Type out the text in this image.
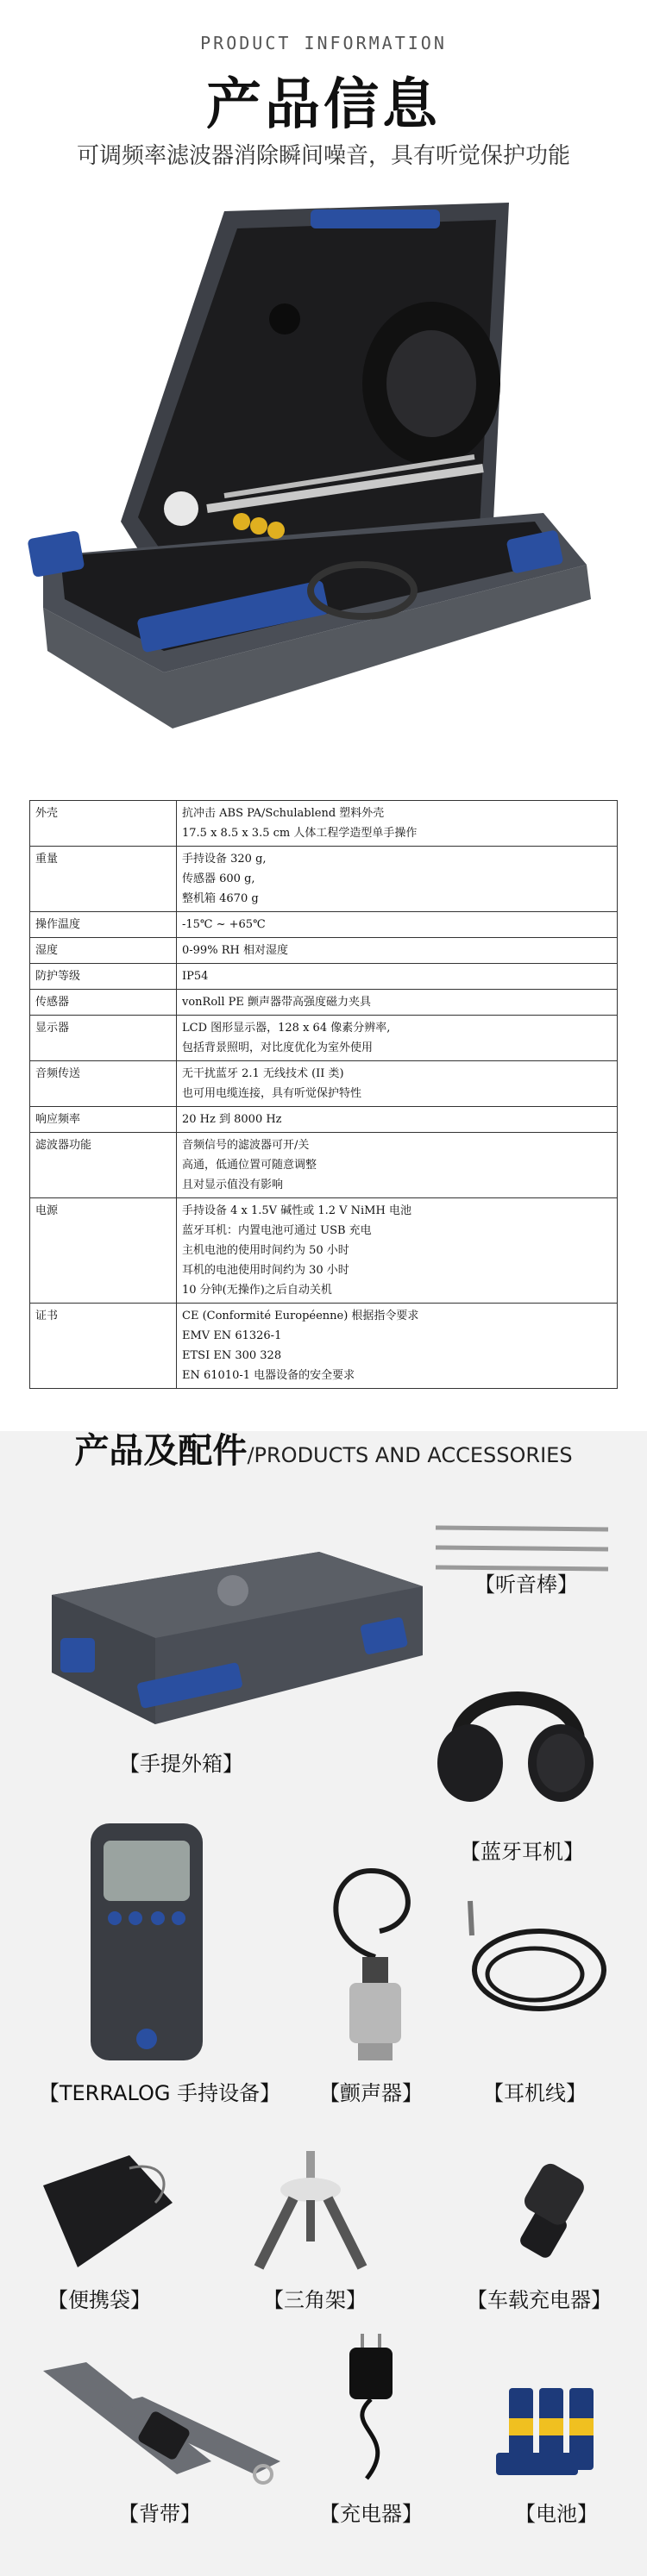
PRODUCT INFORMATION
产品信息
可调频率滤波器消除瞬间噪音，具有听觉保护功能
外壳	抗冲击 ABS PA/Schulablend 塑料外壳
17.5 x 8.5 x 3.5 cm 人体工程学造型单手操作

重量	手持设备 320 g,
传感器 600 g,
整机箱 4670 g

操作温度	-15℃ ~ +65℃

湿度	0-99% RH 相对湿度

防护等级	IP54

传感器	vonRoll PE 颤声器带高强度磁力夹具

显示器	LCD 图形显示器，128 x 64 像素分辨率,
包括背景照明，对比度优化为室外使用

音频传送	无干扰蓝牙 2.1 无线技术 (II 类)
也可用电缆连接，具有听觉保护特性

响应频率	20 Hz 到 8000 Hz

滤波器功能	音频信号的滤波器可开/关
高通，低通位置可随意调整
且对显示值没有影响

电源	手持设备 4 x 1.5V 碱性或 1.2 V NiMH 电池
蓝牙耳机：内置电池可通过 USB 充电
主机电池的使用时间约为 50 小时
耳机的电池使用时间约为 30 小时
10 分钟(无操作)之后自动关机

证书	CE (Conformité Européenne) 根据指令要求
EMV EN 61326-1
ETSI EN 300 328
EN 61010-1 电器设备的安全要求
产品及配件/PRODUCTS AND ACCESSORIES
【听音棒】
【手提外箱】
【蓝牙耳机】
【TERRALOG 手持设备】	【颤声器】	【耳机线】
【便携袋】	【三角架】	【车载充电器】
【背带】	【充电器】	【电池】
